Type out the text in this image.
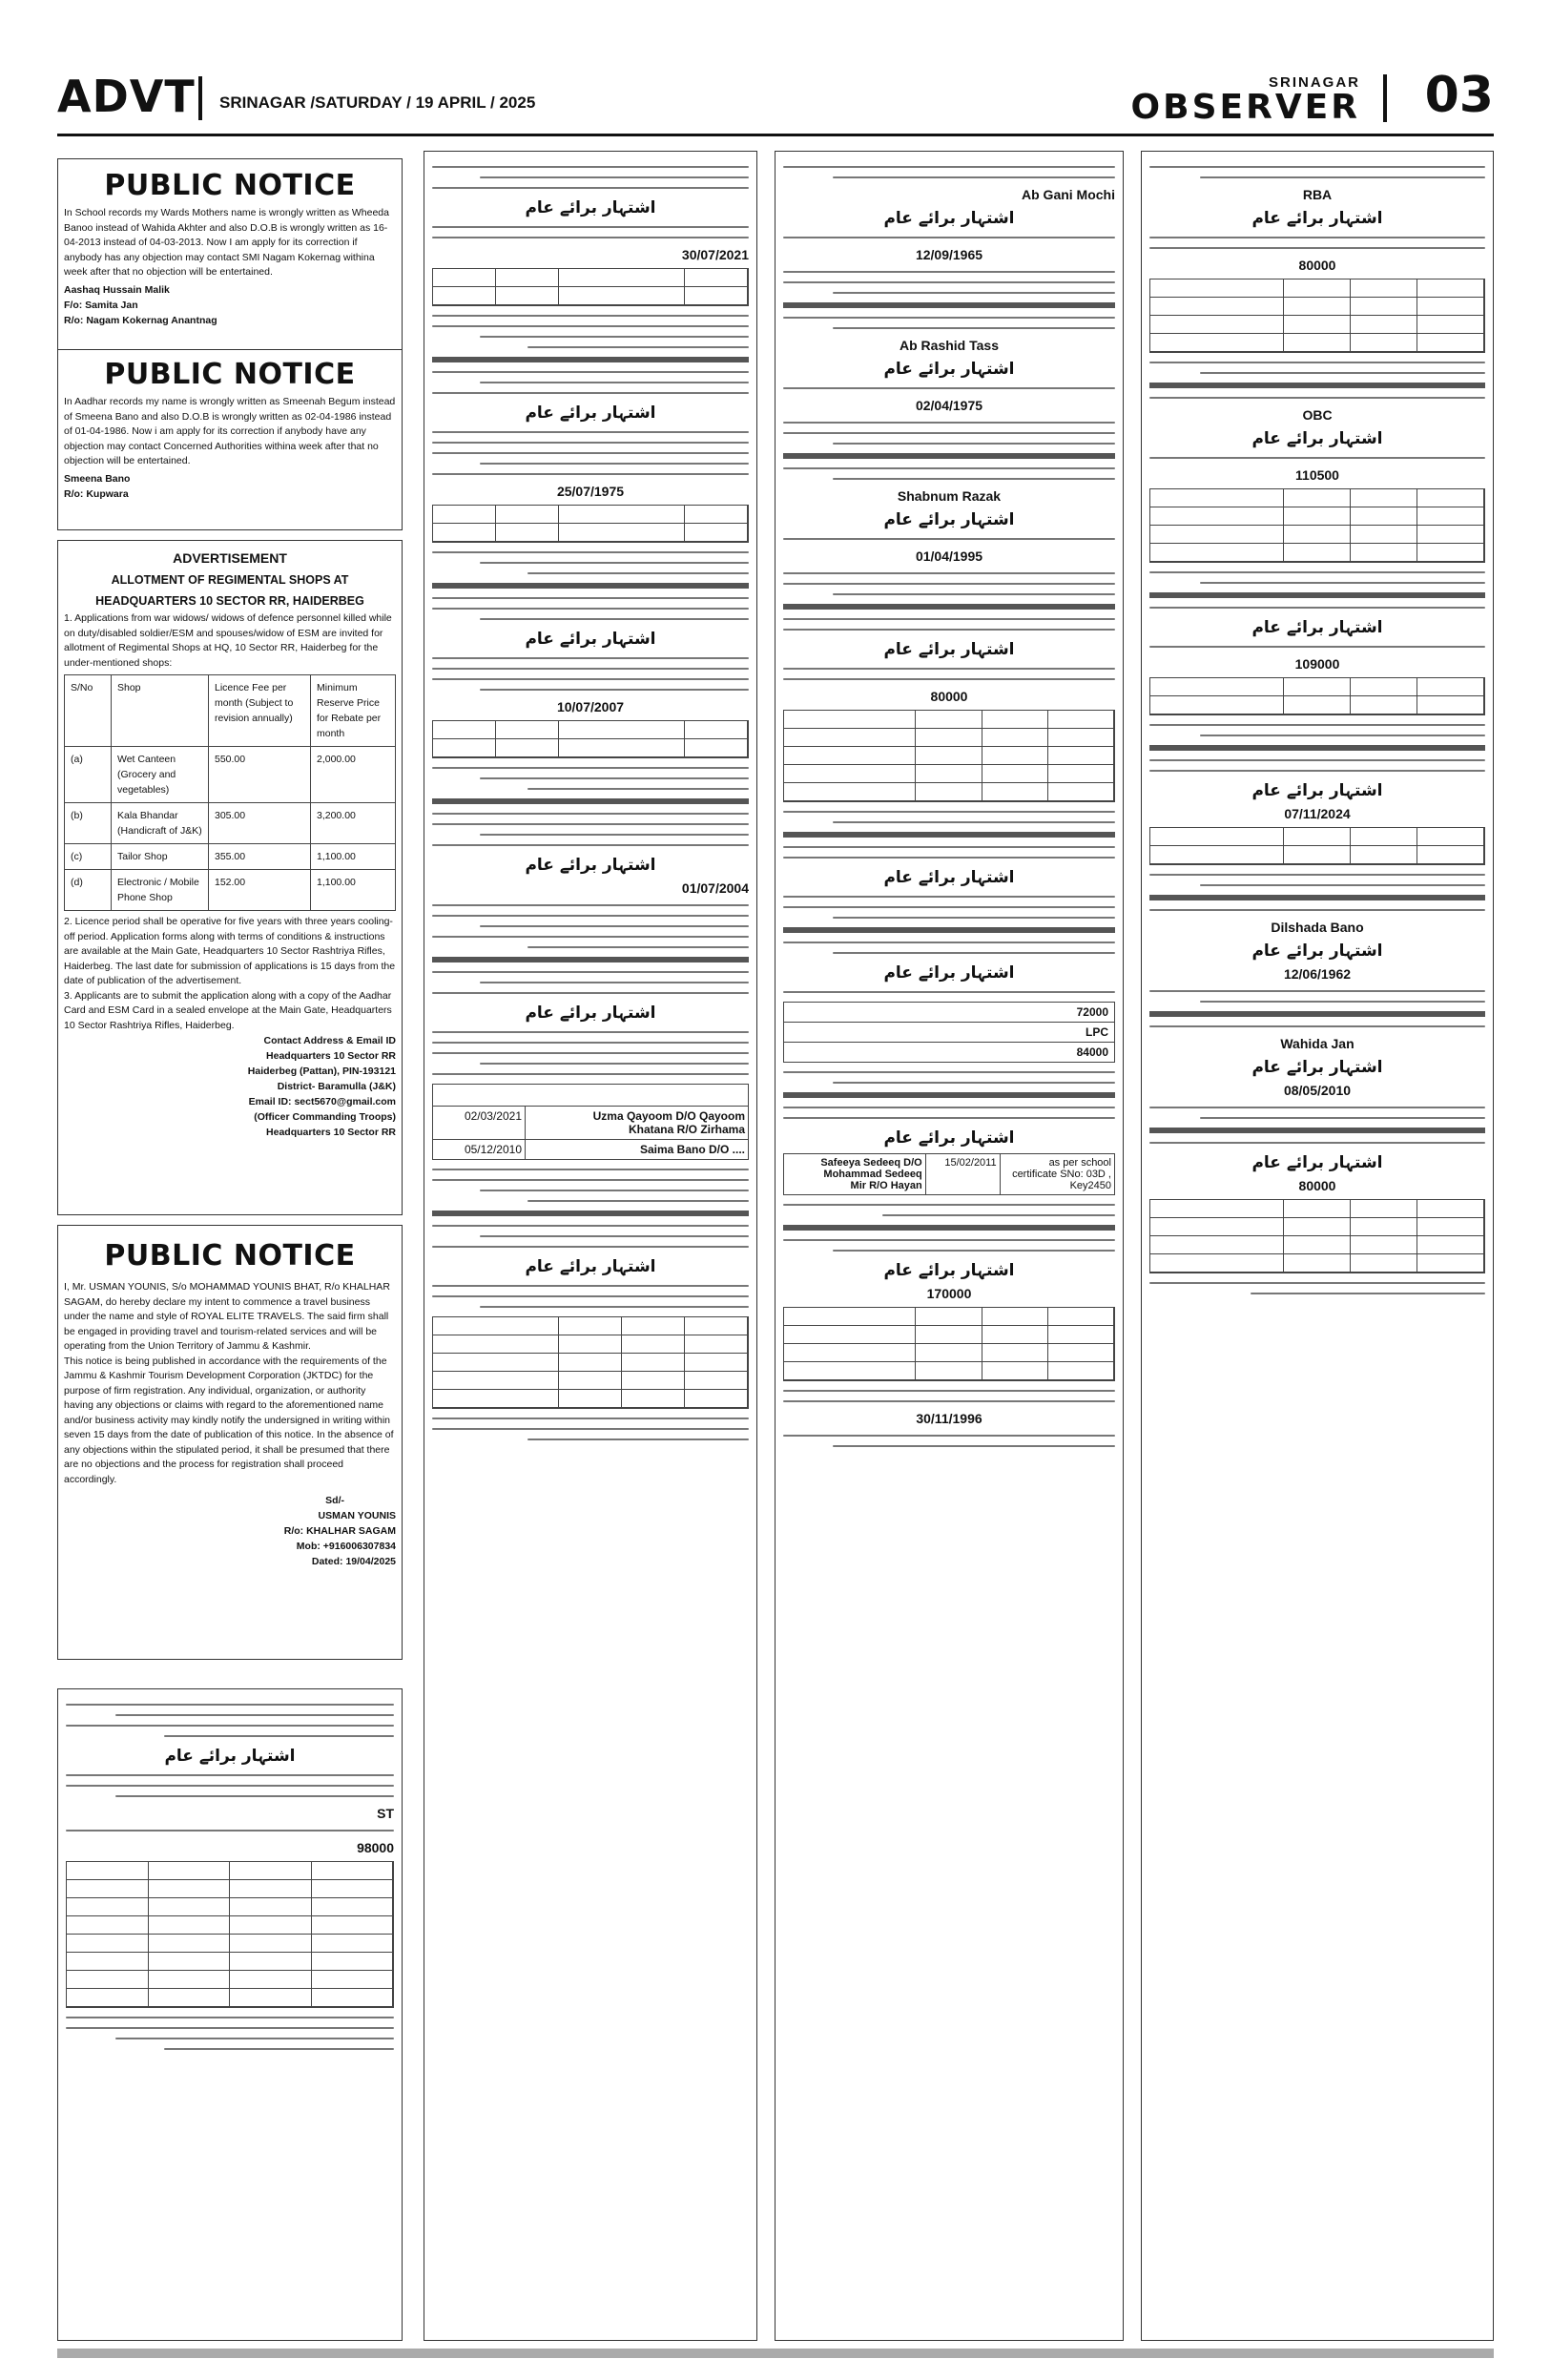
ADVT SRINAGAR /SATURDAY / 19 APRIL / 2025
SRINAGAR
OBSERVER 03
PUBLIC NOTICE
In School records my Wards Mothers name is wrongly written as Wheeda Banoo instead of Wahida Akhter and also D.O.B is wrongly written as 16-04-2013 instead of 04-03-2013. Now I am apply for its correction if anybody has any objection may contact SMI Nagam Kokernag withina week after that no objection will be entertained.
Aashaq Hussain Malik
F/o: Samita Jan
R/o: Nagam Kokernag Anantnag
PUBLIC NOTICE
In Aadhar records my name is wrongly written as Smeenah Begum instead of Smeena Bano and also D.O.B is wrongly written as 02-04-1986 instead of 01-04-1986. Now i am apply for its correction if anybody have any objection may contact Concerned Authorities withina week after that no objection will be entertained.
Smeena Bano
R/o: Kupwara
ADVERTISEMENT
ALLOTMENT OF REGIMENTAL SHOPS AT
HEADQUARTERS 10 SECTOR RR, HAIDERBEG
1. Applications from war widows/ widows of defence personnel killed while on duty/disabled soldier/ESM and spouses/widow of ESM are invited for allotment of Regimental Shops at HQ, 10 Sector RR, Haiderbeg for the under-mentioned shops:
S/No	Shop	Licence Fee per month (Subject to revision annually)	Minimum Reserve Price for Rebate per month
(a)	Wet Canteen (Grocery and vegetables)	550.00	2,000.00
(b)	Kala Bhandar (Handicraft of J&K)	305.00	3,200.00
(c)	Tailor Shop	355.00	1,100.00
(d)	Electronic / Mobile Phone Shop	152.00	1,100.00
2. Licence period shall be operative for five years with three years cooling-off period. Application forms along with terms of conditions & instructions are available at the Main Gate, Headquarters 10 Sector Rashtriya Rifles, Haiderbeg. The last date for submission of applications is 15 days from the date of publication of the advertisement.
3. Applicants are to submit the application along with a copy of the Aadhar Card and ESM Card in a sealed envelope at the Main Gate, Headquarters 10 Sector Rashtriya Rifles, Haiderbeg.
Contact Address & Email ID
Headquarters 10 Sector RR
Haiderbeg (Pattan), PIN-193121
District- Baramulla (J&K)
Email ID: sect5670@gmail.com
(Officer Commanding Troops)
Headquarters 10 Sector RR
PUBLIC NOTICE
I, Mr. USMAN YOUNIS, S/o MOHAMMAD YOUNIS BHAT, R/o KHALHAR SAGAM, do hereby declare my intent to commence a travel business under the name and style of ROYAL ELITE TRAVELS. The said firm shall be engaged in providing travel and tourism-related services and will be operating from the Union Territory of Jammu & Kashmir.
This notice is being published in accordance with the requirements of the Jammu & Kashmir Tourism Development Corporation (JKTDC) for the purpose of firm registration. Any individual, organization, or authority having any objections or claims with regard to the aforementioned name and/or business activity may kindly notify the undersigned in writing within seven 15 days from the date of publication of this notice. In the absence of any objections within the stipulated period, it shall be presumed that there are no objections and the process for registration shall proceed accordingly.
Sd/-
USMAN YOUNIS
R/o: KHALHAR SAGAM
Mob: +916006307834
Dated: 19/04/2025
اشتہار برائے عام
ST
98000
اشتہار برائے عام
30/07/2021
اشتہار برائے عام
25/07/1975
اشتہار برائے عام
10/07/2007
اشتہار برائے عام
01/07/2004
اشتہار برائے عام
02/03/2021	Uzma Qayoom D/O Qayoom
Khatana R/O Zirhama
05/12/2010	Saima Bano D/O ....
اشتہار برائے عام
Ab Gani Mochi
اشتہار برائے عام
12/09/1965
Ab Rashid Tass
اشتہار برائے عام
02/04/1975
Shabnum Razak
اشتہار برائے عام
01/04/1995
اشتہار برائے عام
80000
اشتہار برائے عام
اشتہار برائے عام
72000
LPC
84000
اشتہار برائے عام
Safeeya Sedeeq D/O
Mohammad Sedeeq
Mir R/O Hayan
15/02/2011	as per school certificate SNo: 03D , Key2450
اشتہار برائے عام
170000
30/11/1996
RBA
اشتہار برائے عام
80000
OBC
اشتہار برائے عام
110500
اشتہار برائے عام
109000
اشتہار برائے عام
07/11/2024
Dilshada Bano
اشتہار برائے عام
12/06/1962
Wahida Jan
اشتہار برائے عام
08/05/2010
اشتہار برائے عام
80000
